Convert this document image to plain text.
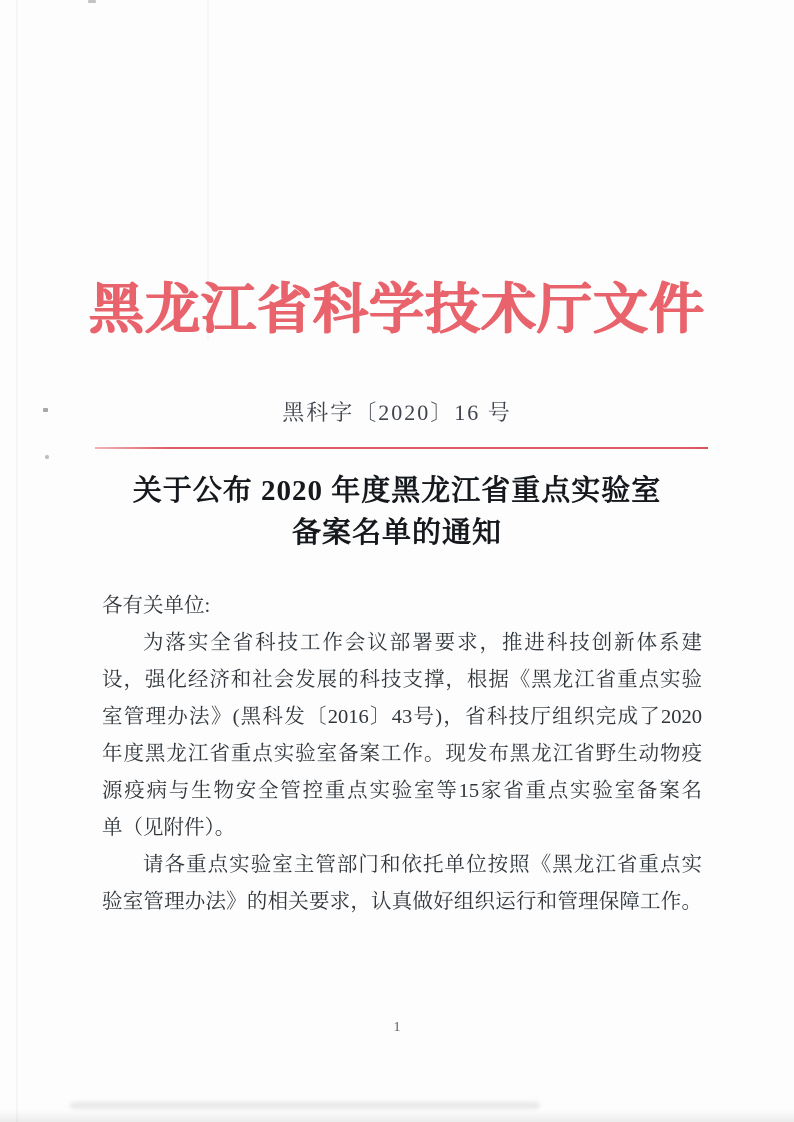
黑龙江省科学技术厅文件
黑科字〔2020〕16 号
关于公布 2020 年度黑龙江省重点实验室
备案名单的通知
各有关单位:
为落实全省科技工作会议部署要求，推进科技创新体系建
设，强化经济和社会发展的科技支撑，根据《黑龙江省重点实验
室管理办法》(黑科发〔2016〕43号)，省科技厅组织完成了2020
年度黑龙江省重点实验室备案工作。现发布黑龙江省野生动物疫
源疫病与生物安全管控重点实验室等15家省重点实验室备案名
单（见附件）。
请各重点实验室主管部门和依托单位按照《黑龙江省重点实
验室管理办法》的相关要求，认真做好组织运行和管理保障工作。
1
